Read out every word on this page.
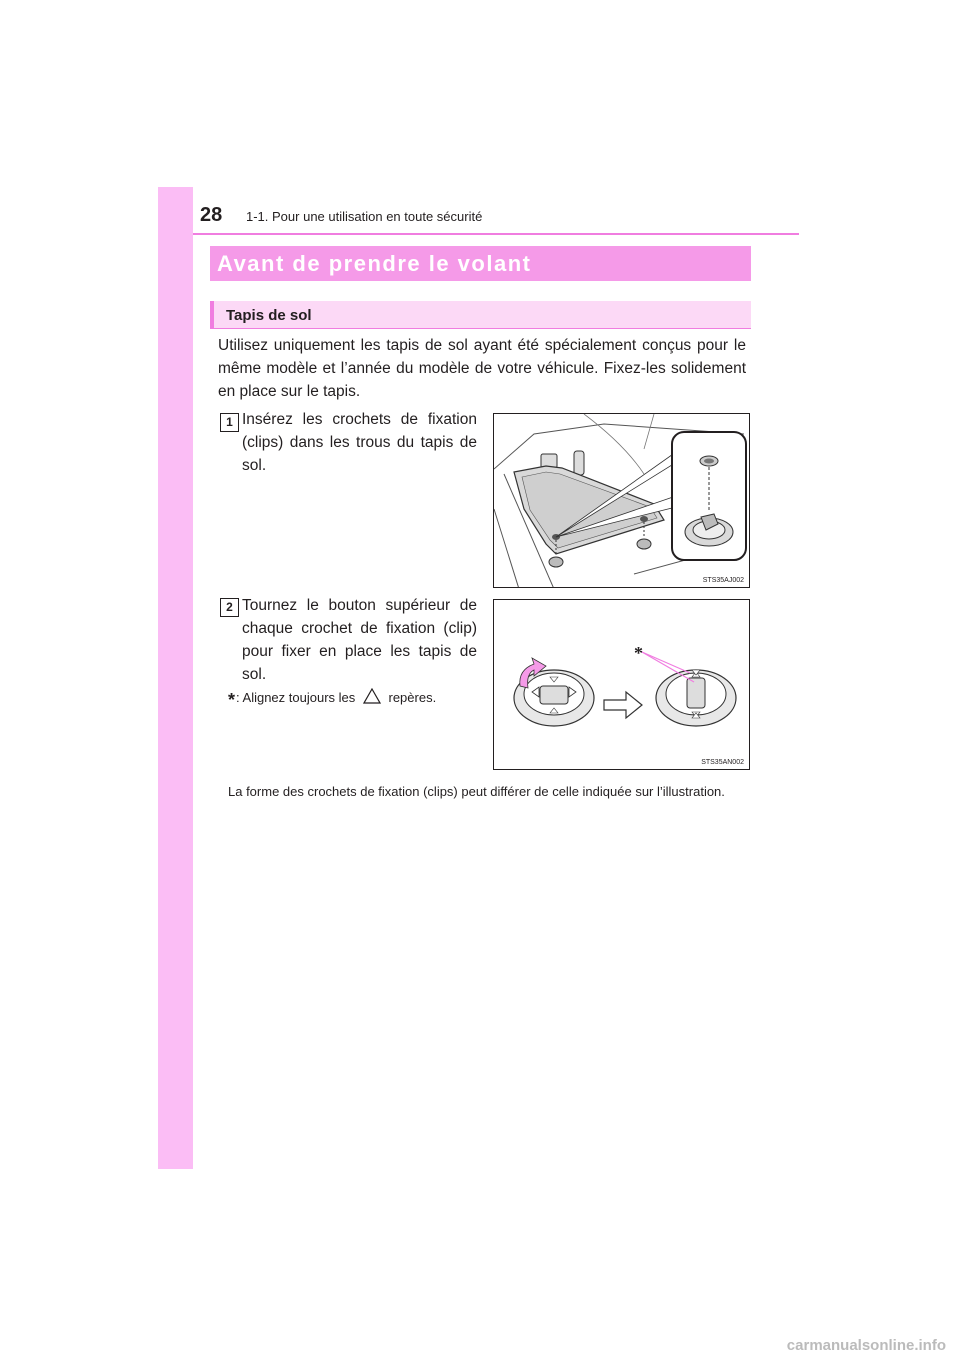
28 1-1. Pour une utilisation en toute sécurité
Avant de prendre le volant
Tapis de sol

Utilisez uniquement les tapis de sol ayant été spécialement conçus pour le même modèle et l’année du modèle de votre véhicule. Fixez-les solidement en place sur le tapis.

1 Insérez les crochets de fixation (clips) dans les trous du tapis de sol.

STS35AJ002
2 Tournez le bouton supérieur de chaque crochet de fixation (clip) pour fixer en place les tapis de sol.

*
STS35AN002
*: Alignez toujours les	repères.

La forme des crochets de fixation (clips) peut différer de celle indiquée sur l’illustration.

carmanualsonline.info
